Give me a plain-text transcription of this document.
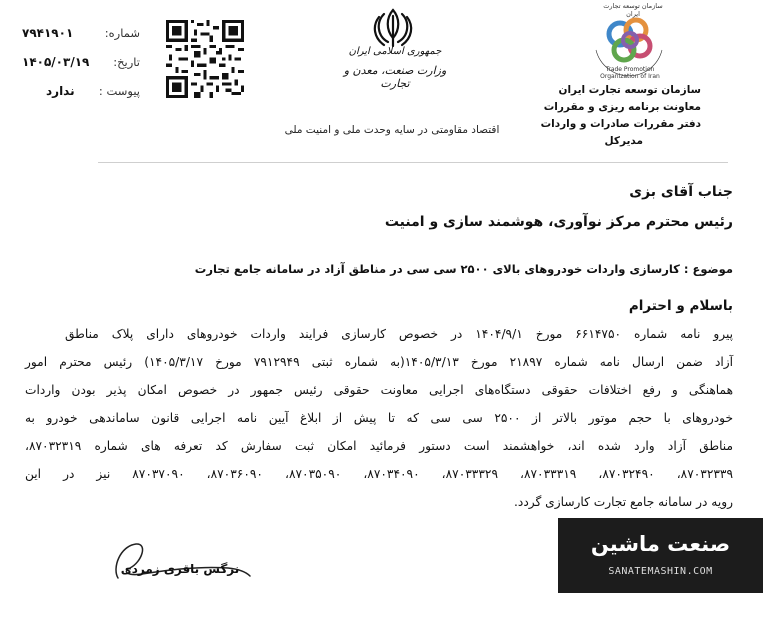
شماره:
۷۹۴۱۹۰۱
تاریخ:
۱۴۰۵/۰۳/۱۹
پیوست :
ندارد
جمهوری اسلامی ایران
وزارت صنعت، معدن و تجارت
اقتصاد مقاومتی در سایه وحدت ملی و امنیت ملی
Trade Promotion Organization of Iran
سازمان توسعه تجارت ایران
سازمان توسعه تجارت ایران
معاونت برنامه ریزی و مقررات
دفتر مقررات صادرات و واردات
مدیرکل
جناب آقای بزی
رئیس محترم مرکز نوآوری، هوشمند سازی و امنیت
موضوع : کارسازی واردات خودروهای بالای ۲۵۰۰ سی سی در مناطق آزاد در سامانه جامع تجارت
باسلام و احترام
پیرو نامه شماره ۶۶۱۴۷۵۰ مورخ ۱۴۰۴/۹/۱ در خصوص کارسازی فرایند واردات خودروهای دارای پلاک مناطق
آزاد ضمن ارسال نامه شماره ۲۱۸۹۷ مورخ ۱۴۰۵/۳/۱۳(به شماره ثبتی ۷۹۱۲۹۴۹ مورخ ۱۴۰۵/۳/۱۷) رئیس محترم امور
هماهنگی و رفع اختلافات حقوقی دستگاه‌های اجرایی معاونت حقوقی رئیس جمهور در خصوص امکان پذیر بودن واردات
خودروهای با حجم موتور بالاتر از ۲۵۰۰ سی سی که تا پیش از ابلاغ آیین نامه اجرایی قانون ساماندهی خودرو به
مناطق آزاد وارد شده اند، خواهشمند است دستور فرمائید امکان ثبت سفارش کد تعرفه های شماره ۸۷۰۳۲۳۱۹،
۸۷۰۳۲۳۳۹، ۸۷۰۳۲۴۹۰، ۸۷۰۳۳۳۱۹، ۸۷۰۳۳۳۲۹، ۸۷۰۳۴۰۹۰، ۸۷۰۳۵۰۹۰، ۸۷۰۳۶۰۹۰، ۸۷۰۳۷۰۹۰ نیز در این
رویه در سامانه جامع تجارت کارسازی گردد.
نرگس باقری زمردی
صنعت ماشین
SANATEMASHIN.COM
